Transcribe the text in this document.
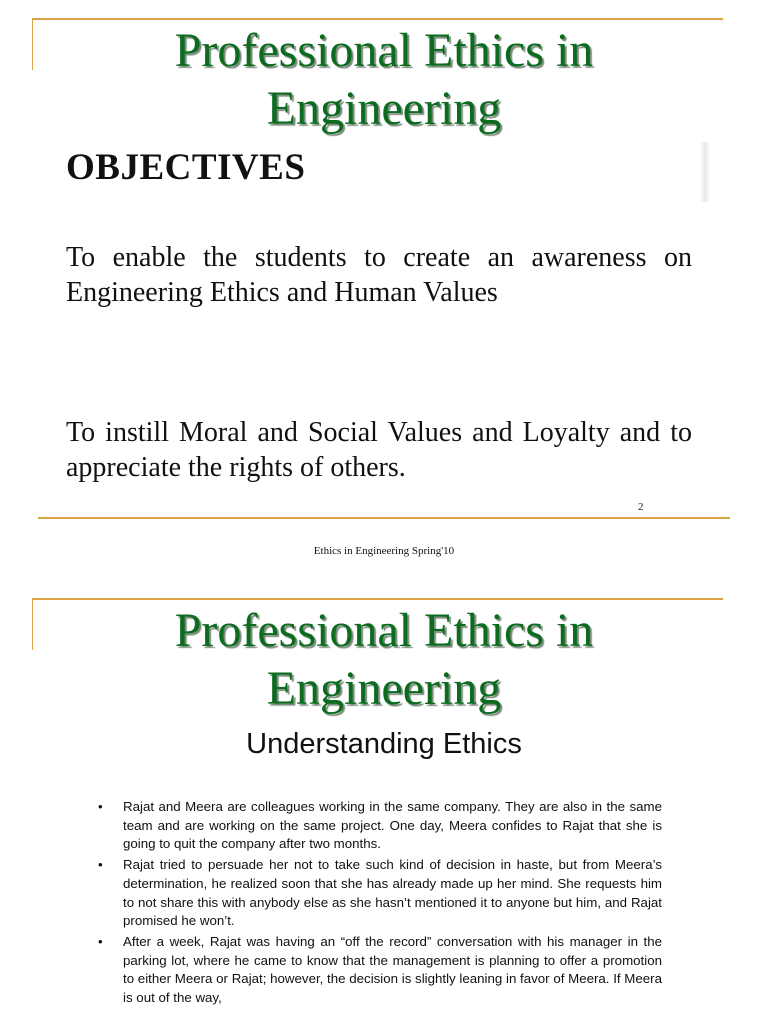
Professional Ethics in
Engineering
OBJECTIVES

To enable the students to create an awareness on Engineering Ethics and Human Values

To instill Moral and Social Values and Loyalty and to appreciate the rights of others.

2
Ethics in Engineering Spring'10
Professional Ethics in
Engineering
Understanding Ethics
• Rajat and Meera are colleagues working in the same company. They are also in the same team and are working on the same project. One day, Meera confides to Rajat that she is going to quit the company after two months.
• Rajat tried to persuade her not to take such kind of decision in haste, but from Meera’s determination, he realized soon that she has already made up her mind. She requests him to not share this with anybody else as she hasn’t mentioned it to anyone but him, and Rajat promised he won’t.
• After a week, Rajat was having an “off the record” conversation with his manager in the parking lot, where he came to know that the management is planning to offer a promotion to either Meera or Rajat; however, the decision is slightly leaning in favor of Meera. If Meera is out of the way,
